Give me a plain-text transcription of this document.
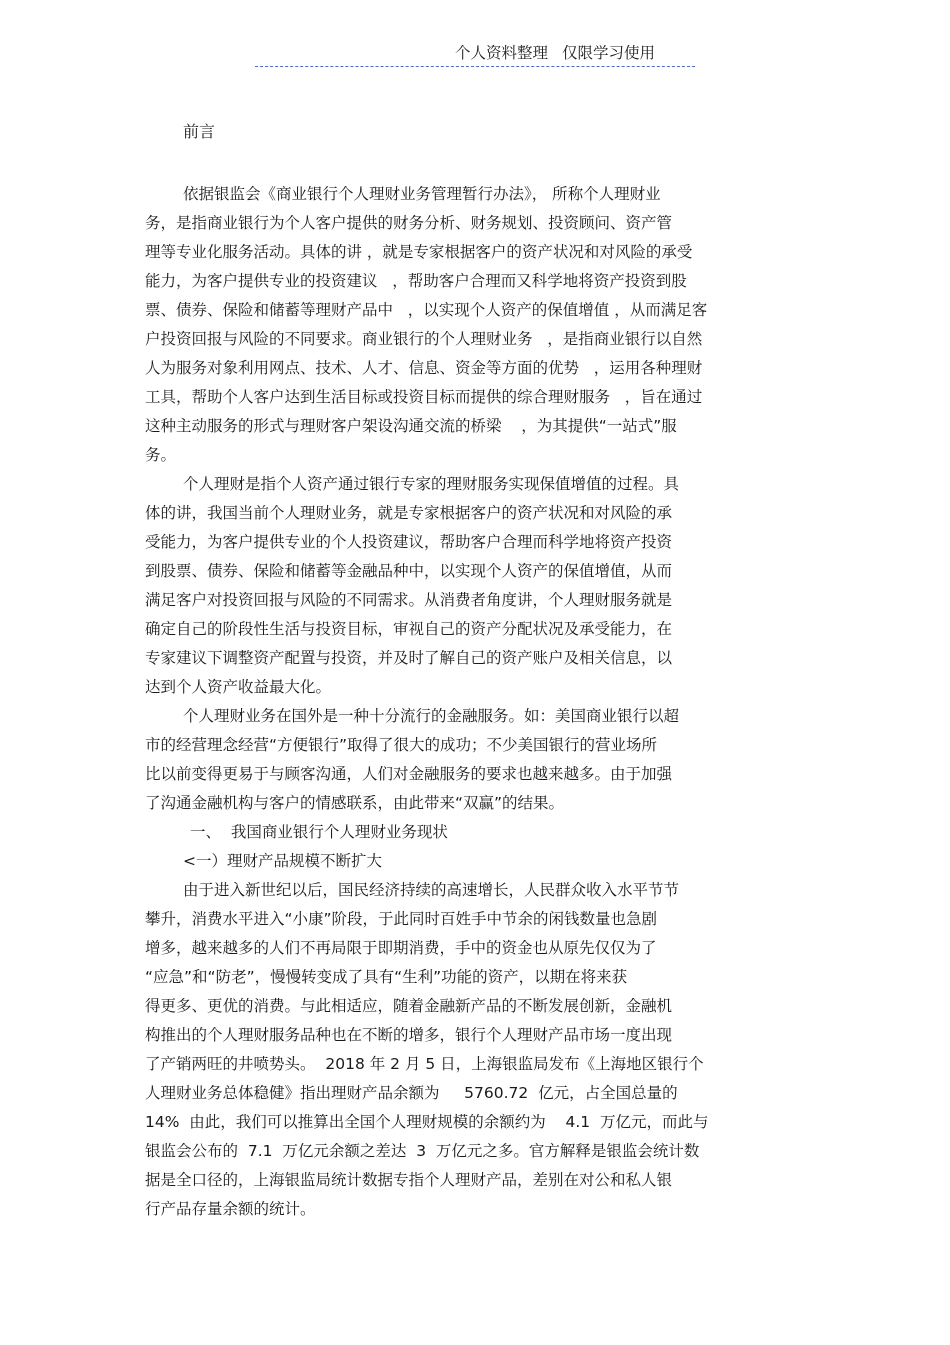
个人资料整理 仅限学习使用
前言
依据银监会《商业银行个人理财业务管理暂行办法》， 所称个人理财业
务，是指商业银行为个人客户提供的财务分析、财务规划、投资顾问、资产管
理等专业化服务活动。具体的讲 ，就是专家根据客户的资产状况和对风险的承受
能力，为客户提供专业的投资建议   ，帮助客户合理而又科学地将资产投资到股
票、债券、保险和储蓄等理财产品中   ，以实现个人资产的保值增值 ，从而满足客
户投资回报与风险的不同要求。商业银行的个人理财业务   ，是指商业银行以自然
人为服务对象利用网点、技术、人才、信息、资金等方面的优势   ，运用各种理财
工具，帮助个人客户达到生活目标或投资目标而提供的综合理财服务   ，旨在通过
这种主动服务的形式与理财客户架设沟通交流的桥梁    ，为其提供“一站式”服
务。
个人理财是指个人资产通过银行专家的理财服务实现保值增值的过程。具
体的讲，我国当前个人理财业务，就是专家根据客户的资产状况和对风险的承
受能力，为客户提供专业的个人投资建议，帮助客户合理而科学地将资产投资
到股票、债券、保险和储蓄等金融品种中，以实现个人资产的保值增值，从而
满足客户对投资回报与风险的不同需求。从消费者角度讲，个人理财服务就是
确定自己的阶段性生活与投资目标，审视自己的资产分配状况及承受能力，在
专家建议下调整资产配置与投资，并及时了解自己的资产账户及相关信息，以
达到个人资产收益最大化。
个人理财业务在国外是一种十分流行的金融服务。如：美国商业银行以超
市的经营理念经营“方便银行”取得了很大的成功；不少美国银行的营业场所
比以前变得更易于与顾客沟通，人们对金融服务的要求也越来越多。由于加强
了沟通金融机构与客户的情感联系，由此带来“双赢”的结果。
一、  我国商业银行个人理财业务现状
<一）理财产品规模不断扩大
由于进入新世纪以后，国民经济持续的高速增长，人民群众收入水平节节
攀升，消费水平进入“小康”阶段，于此同时百姓手中节余的闲钱数量也急剧
增多，越来越多的人们不再局限于即期消费，手中的资金也从原先仅仅为了
“应急”和“防老”，慢慢转变成了具有“生利”功能的资产，以期在将来获
得更多、更优的消费。与此相适应，随着金融新产品的不断发展创新，金融机
构推出的个人理财服务品种也在不断的增多，银行个人理财产品市场一度出现
了产销两旺的井喷势头。  2018 年 2 月 5 日，上海银监局发布《上海地区银行个
人理财业务总体稳健》指出理财产品余额为     5760.72  亿元，占全国总量的
14%  由此，我们可以推算出全国个人理财规模的余额约为    4.1  万亿元，而此与
银监会公布的  7.1  万亿元余额之差达  3  万亿元之多。官方解释是银监会统计数
据是全口径的，上海银监局统计数据专指个人理财产品，差别在对公和私人银
行产品存量余额的统计。
